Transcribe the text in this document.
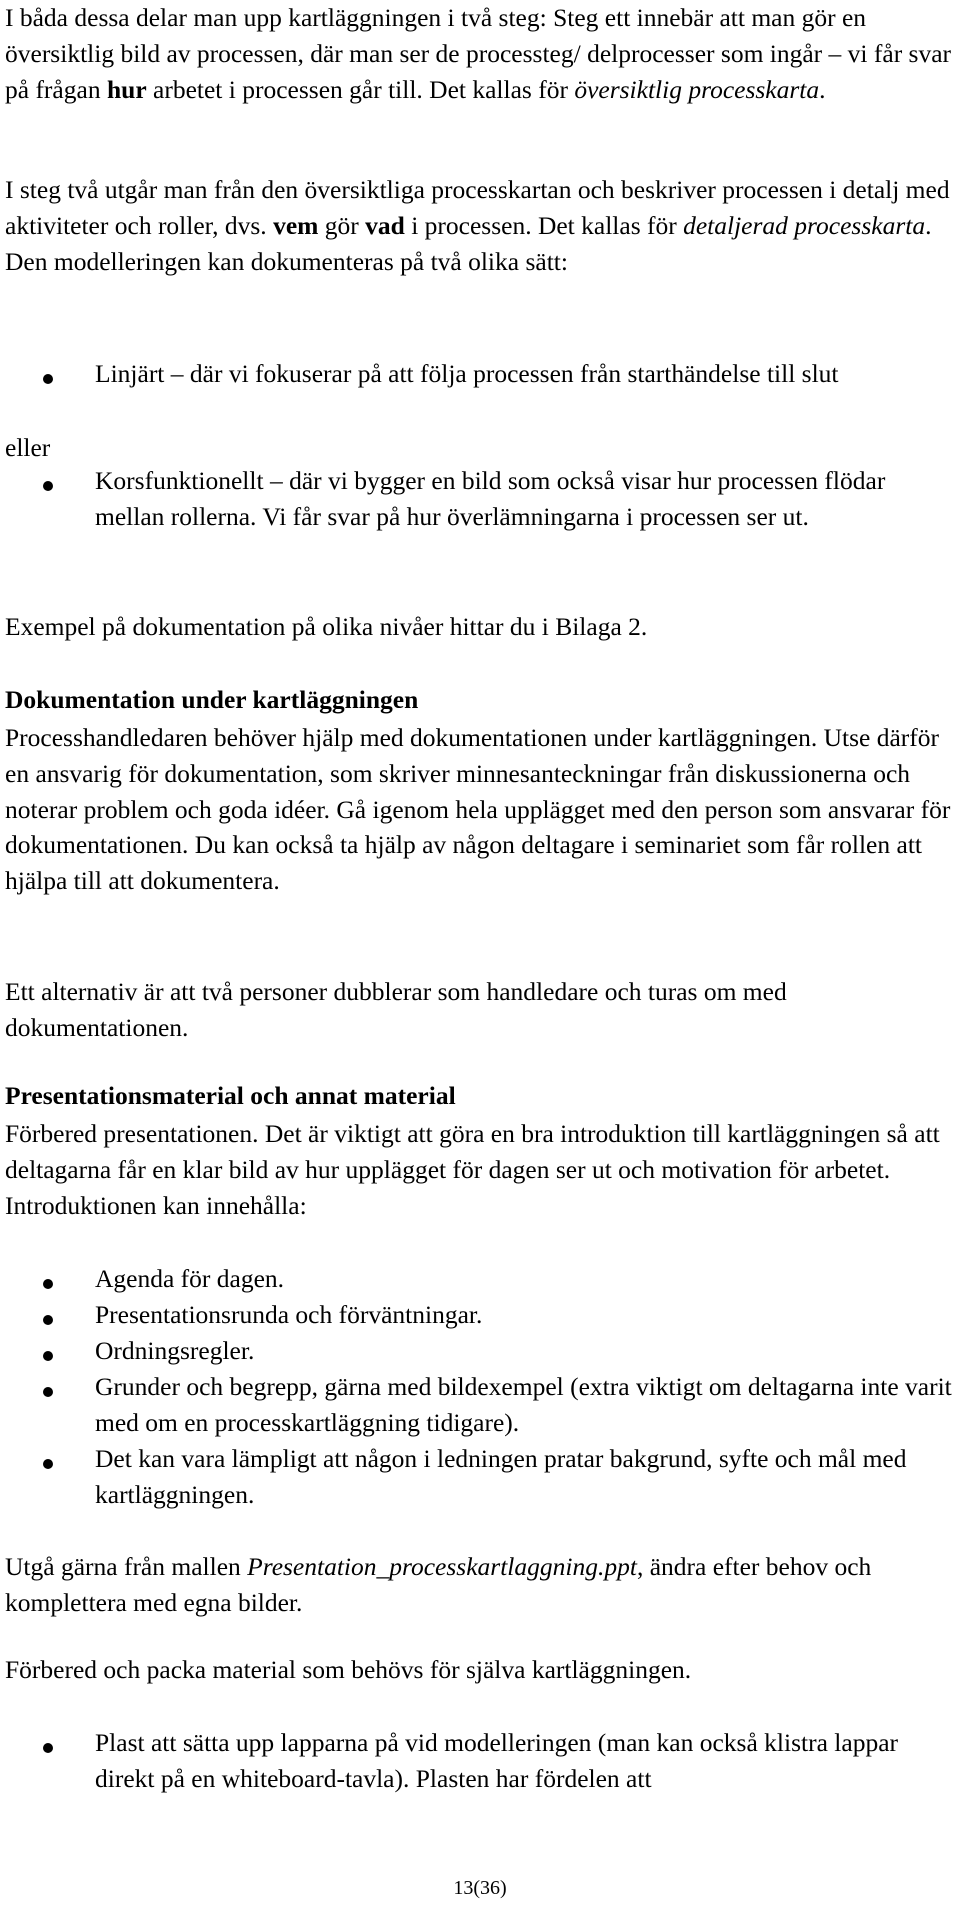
I båda dessa delar man upp kartläggningen i två steg: Steg ett innebär att man gör en översiktlig bild av processen, där man ser de processteg/ delprocesser som ingår – vi får svar på frågan hur arbetet i processen går till. Det kallas för översiktlig processkarta.

I steg två utgår man från den översiktliga processkartan och beskriver processen i detalj med aktiviteter och roller, dvs. vem gör vad i processen. Det kallas för detaljerad processkarta. Den modelleringen kan dokumenteras på två olika sätt:

Linjärt – där vi fokuserar på att följa processen från starthändelse till slut

eller

Korsfunktionellt – där vi bygger en bild som också visar hur processen flödar mellan rollerna. Vi får svar på hur överlämningarna i processen ser ut.

Exempel på dokumentation på olika nivåer hittar du i Bilaga 2.

Dokumentation under kartläggningen

Processhandledaren behöver hjälp med dokumentationen under kartläggningen. Utse därför en ansvarig för dokumentation, som skriver minnesanteckningar från diskussionerna och noterar problem och goda idéer. Gå igenom hela upplägget med den person som ansvarar för dokumentationen. Du kan också ta hjälp av någon deltagare i seminariet som får rollen att hjälpa till att dokumentera.

Ett alternativ är att två personer dubblerar som handledare och turas om med dokumentationen.

Presentationsmaterial och annat material

Förbered presentationen. Det är viktigt att göra en bra introduktion till kartläggningen så att deltagarna får en klar bild av hur upplägget för dagen ser ut och motivation för arbetet. Introduktionen kan innehålla:

Agenda för dagen.

Presentationsrunda och förväntningar.

Ordningsregler.

Grunder och begrepp, gärna med bildexempel (extra viktigt om deltagarna inte varit med om en processkartläggning tidigare).

Det kan vara lämpligt att någon i ledningen pratar bakgrund, syfte och mål med kartläggningen.

Utgå gärna från mallen Presentation_processkartlaggning.ppt, ändra efter behov och komplettera med egna bilder.

Förbered och packa material som behövs för själva kartläggningen.

Plast att sätta upp lapparna på vid modelleringen (man kan också klistra lappar direkt på en whiteboard-tavla). Plasten har fördelen att

13(36)
